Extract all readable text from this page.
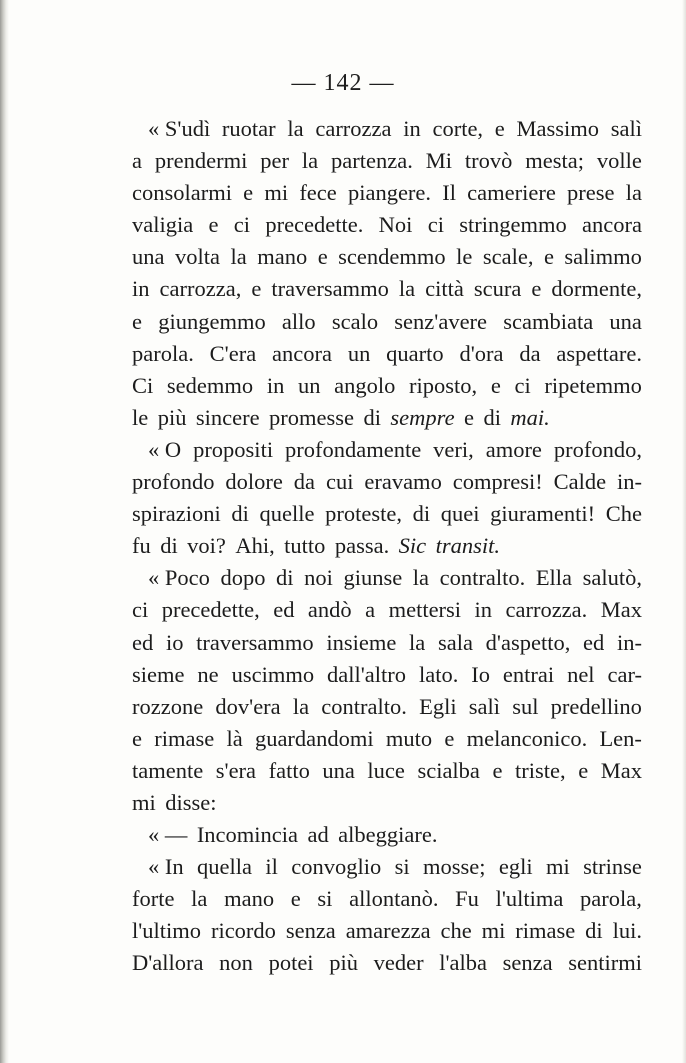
— 142 —
« S'udì ruotar la carrozza in corte, e Massimo salì
a prendermi per la partenza. Mi trovò mesta; volle
consolarmi e mi fece piangere. Il cameriere prese la
valigia e ci precedette. Noi ci stringemmo ancora
una volta la mano e scendemmo le scale, e salimmo
in carrozza, e traversammo la città scura e dormente,
e giungemmo allo scalo senz'avere scambiata una
parola. C'era ancora un quarto d'ora da aspettare.
Ci sedemmo in un angolo riposto, e ci ripetemmo
le più sincere promesse di sempre e di mai.
« O propositi profondamente veri, amore profondo,
profondo dolore da cui eravamo compresi! Calde in-
spirazioni di quelle proteste, di quei giuramenti! Che
fu di voi? Ahi, tutto passa. Sic transit.
« Poco dopo di noi giunse la contralto. Ella salutò,
ci precedette, ed andò a mettersi in carrozza. Max
ed io traversammo insieme la sala d'aspetto, ed in-
sieme ne uscimmo dall'altro lato. Io entrai nel car-
rozzone dov'era la contralto. Egli salì sul predellino
e rimase là guardandomi muto e melanconico. Len-
tamente s'era fatto una luce scialba e triste, e Max
mi disse:
« — Incomincia ad albeggiare.
« In quella il convoglio si mosse; egli mi strinse
forte la mano e si allontanò. Fu l'ultima parola,
l'ultimo ricordo senza amarezza che mi rimase di lui.
D'allora non potei più veder l'alba senza sentirmi
